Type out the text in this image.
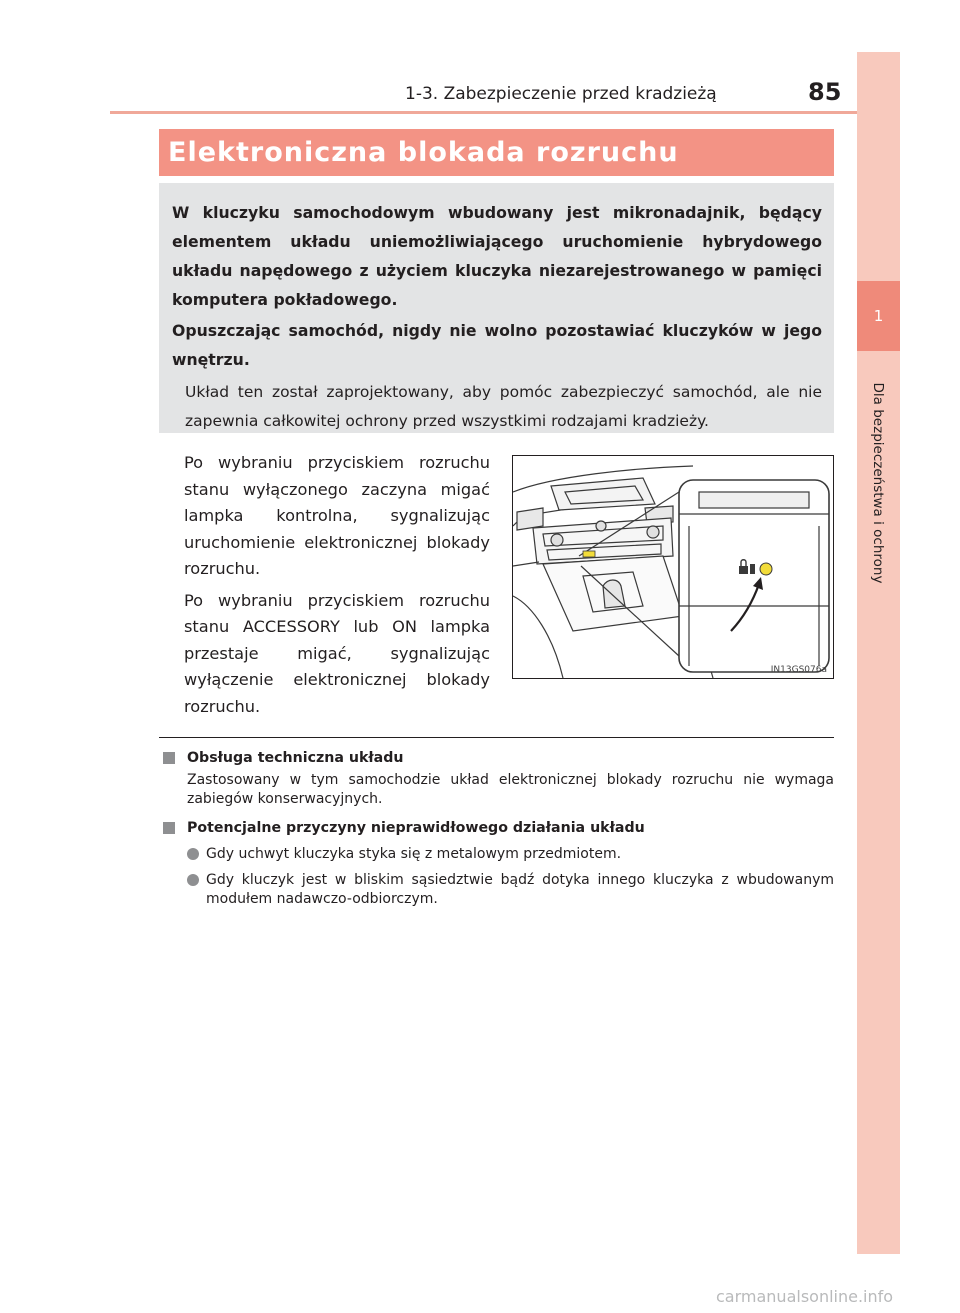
1
Dla bezpieczeństwa i ochrony
1-3. Zabezpieczenie przed kradzieżą	85
Elektroniczna blokada rozruchu

W kluczyku samochodowym wbudowany jest mikronadajnik, będący elementem układu uniemożliwiającego uruchomienie hybrydowego układu napędowego z użyciem kluczyka niezarejestrowanego w pamięci komputera pokładowego.

Opuszczając samochód, nigdy nie wolno pozostawiać kluczyków w jego wnętrzu.

Układ ten został zaprojektowany, aby pomóc zabezpieczyć samochód, ale nie zapewnia całkowitej ochrony przed wszystkimi rodzajami kradzieży.

Po wybraniu przyciskiem rozruchu stanu wyłączonego zaczyna migać lampka kontrolna, sygnalizując uruchomienie elektronicznej blokady rozruchu.

Po wybraniu przyciskiem rozruchu stanu ACCESSORY lub ON lampka przestaje migać, sygnalizując wyłączenie elektronicznej blokady rozruchu.

IN13GS076a
Obsługa techniczna układu
Zastosowany w tym samochodzie układ elektronicznej blokady rozruchu nie wymaga zabiegów konserwacyjnych.
Potencjalne przyczyny nieprawidłowego działania układu
Gdy uchwyt kluczyka styka się z metalowym przedmiotem.
Gdy kluczyk jest w bliskim sąsiedztwie bądź dotyka innego kluczyka z wbudowanym modułem nadawczo-odbiorczym.
carmanualsonline.info
